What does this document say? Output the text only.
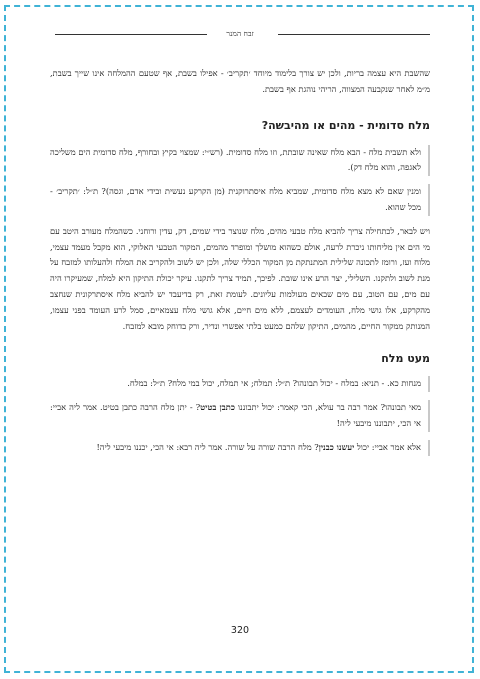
זבח המנר

שהשבת היא עצמה בריות, ולכן יש צורך בלימוד מיוחד ׳תקריב׳ - אפילו בשבת, אף שטעם ההמלחה אינו שייך בשבת, מ״מ לאחר שנקבעה המצווה, הריהי נוהגת אף בשבת.

מלח סדומית - מהים או מהיבשה?

ולא תשבית מלח - הבא מלח שאינה שובתת, וזו מלח סדומית. (רש״י: שמצוי בקיץ ובחורף, מלח סדומית הים משליכה לאגפה, והוא מלח דק).

ומנין שאם לא מצא מלח סדומית, שמביא מלח איסתרוקנית (מן הקרקע נעשית ובידי אדם, וגסה)? ת״ל: ׳תקריב׳ - מכל שהוא.

ויש לבאר, לכתחילה צריך להביא מלח טבעי מהים, מלח שנוצר בידי שמים, דק, עדין ורוחני. כשהמלח מעורב היטב עם מי הים אין מליחותו ניכרת לרעה, אולם כשהוא מושלך ומופרד מהמים, המקור הטבעי האלוקי, הוא מקבל מעמד עצמי, מלוח ועז, ורומז לתכונה שלילית המתנתקת מן המקור הכללי שלה, ולכן יש לשוב ולהקריב את המלח ולהעלותו למזבח על מנת לשוב ולתקנו. השלילי, יצר הרע אינו שובת. לפיכך, תמיד צריך לתקנו. עיקר יכולת התיקון היא למלח, שמעיקרו היה עם מים, עם הטוב, עם מים שבאים מעולמות עליונים. לעומת זאת, רק בדיעבד יש להביא מלח איסתרקונית שנחצב מהקרקע, אלו גושי מלח, העומדים לעצמם, ללא מים חיים, אלא גושי מלח עצמאיים, סמל לרע העומד בפני עצמו, המנותק ממקור החיים, מהמים, התיקון שלהם כמעט בלתי אפשרי ונדיר, ורק בדוחק מובא למזבח.

מעט מלח

מנחות כא. - תניא: במלח - יכול תבונהו? ת״ל: תמלח; אי תמלח, יכול במי מלח? ת״ל: במלח.

מאי תבונהו? אמר רבה בר עולא, הכי קאמר: יכול יתבוננו כתבן בטיט? - יתן מלח הרבה כתבן בטיט. אמר ליה אביי: אי הכי, יתבוננו מיבעי ליה!

אלא אמר אביי: יכול יעשנו כבנין? מלח הרבה שורה על שורה. אמר ליה רבא: אי הכי, יכננו מיבעי ליה!

320
